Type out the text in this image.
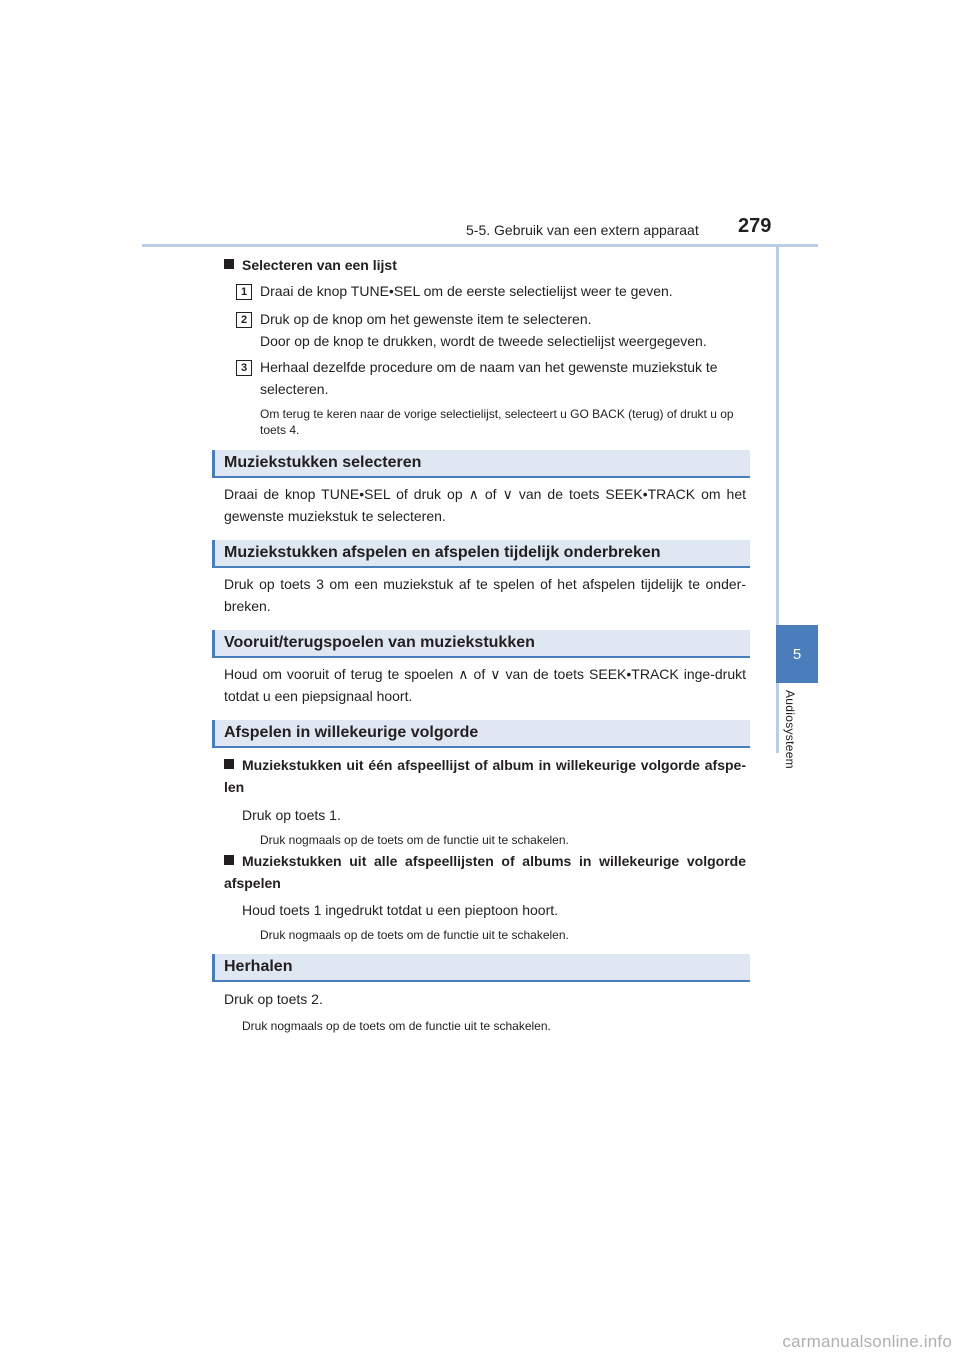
5-5. Gebruik van een extern apparaat	279
5
Audiosysteem
Selecteren van een lijst
1 Draai de knop TUNE•SEL om de eerste selectielijst weer te geven.
2 Druk op de knop om het gewenste item te selecteren.
Door op de knop te drukken, wordt de tweede selectielijst weergegeven.
3 Herhaal dezelfde procedure om de naam van het gewenste muziekstuk te selecteren.
Om terug te keren naar de vorige selectielijst, selecteert u GO BACK (terug) of drukt u op toets 4.
Muziekstukken selecteren
Draai de knop TUNE•SEL of druk op ∧ of ∨ van de toets SEEK•TRACK om het gewenste muziekstuk te selecteren.
Muziekstukken afspelen en afspelen tijdelijk onderbreken
Druk op toets 3 om een muziekstuk af te spelen of het afspelen tijdelijk te onder-breken.
Vooruit/terugspoelen van muziekstukken
Houd om vooruit of terug te spoelen ∧ of ∨ van de toets SEEK•TRACK inge-drukt totdat u een piepsignaal hoort.
Afspelen in willekeurige volgorde
Muziekstukken uit één afspeellijst of album in willekeurige volgorde afspe-len
Druk op toets 1.
Druk nogmaals op de toets om de functie uit te schakelen.
Muziekstukken uit alle afspeellijsten of albums in willekeurige volgorde afspelen
Houd toets 1 ingedrukt totdat u een pieptoon hoort.
Druk nogmaals op de toets om de functie uit te schakelen.
Herhalen
Druk op toets 2.
Druk nogmaals op de toets om de functie uit te schakelen.
carmanualsonline.info
